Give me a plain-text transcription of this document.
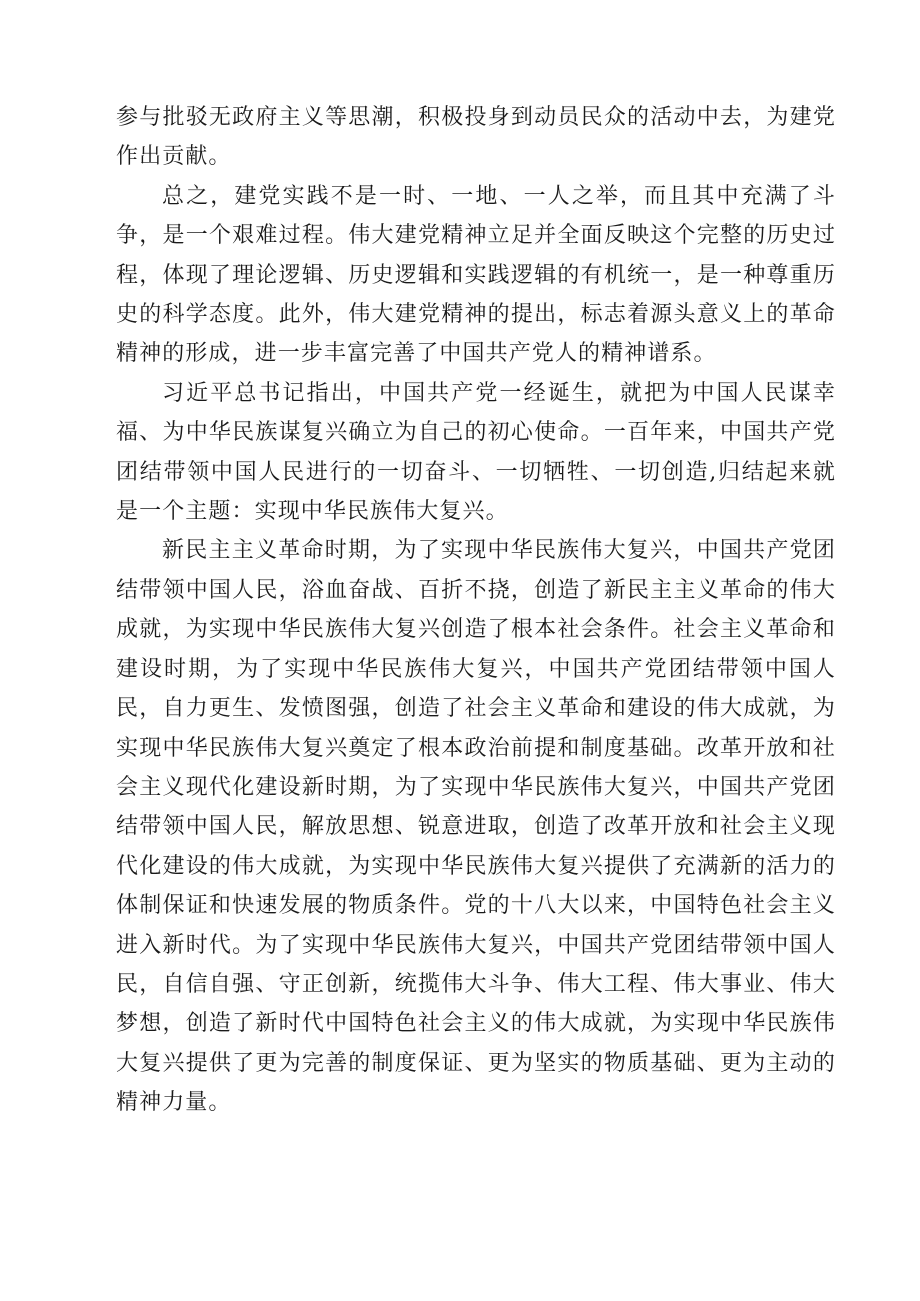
参与批驳无政府主义等思潮，积极投身到动员民众的活动中去，为建党作出贡献。

总之，建党实践不是一时、一地、一人之举，而且其中充满了斗争，是一个艰难过程。伟大建党精神立足并全面反映这个完整的历史过程，体现了理论逻辑、历史逻辑和实践逻辑的有机统一，是一种尊重历史的科学态度。此外，伟大建党精神的提出，标志着源头意义上的革命精神的形成，进一步丰富完善了中国共产党人的精神谱系。

习近平总书记指出，中国共产党一经诞生，就把为中国人民谋幸福、为中华民族谋复兴确立为自己的初心使命。一百年来，中国共产党团结带领中国人民进行的一切奋斗、一切牺牲、一切创造,归结起来就是一个主题：实现中华民族伟大复兴。

新民主主义革命时期，为了实现中华民族伟大复兴，中国共产党团结带领中国人民，浴血奋战、百折不挠，创造了新民主主义革命的伟大成就，为实现中华民族伟大复兴创造了根本社会条件。社会主义革命和建设时期，为了实现中华民族伟大复兴，中国共产党团结带领中国人民，自力更生、发愤图强，创造了社会主义革命和建设的伟大成就，为实现中华民族伟大复兴奠定了根本政治前提和制度基础。改革开放和社会主义现代化建设新时期，为了实现中华民族伟大复兴，中国共产党团结带领中国人民，解放思想、锐意进取，创造了改革开放和社会主义现代化建设的伟大成就，为实现中华民族伟大复兴提供了充满新的活力的体制保证和快速发展的物质条件。党的十八大以来，中国特色社会主义进入新时代。为了实现中华民族伟大复兴，中国共产党团结带领中国人民，自信自强、守正创新，统揽伟大斗争、伟大工程、伟大事业、伟大梦想，创造了新时代中国特色社会主义的伟大成就，为实现中华民族伟大复兴提供了更为完善的制度保证、更为坚实的物质基础、更为主动的精神力量。
